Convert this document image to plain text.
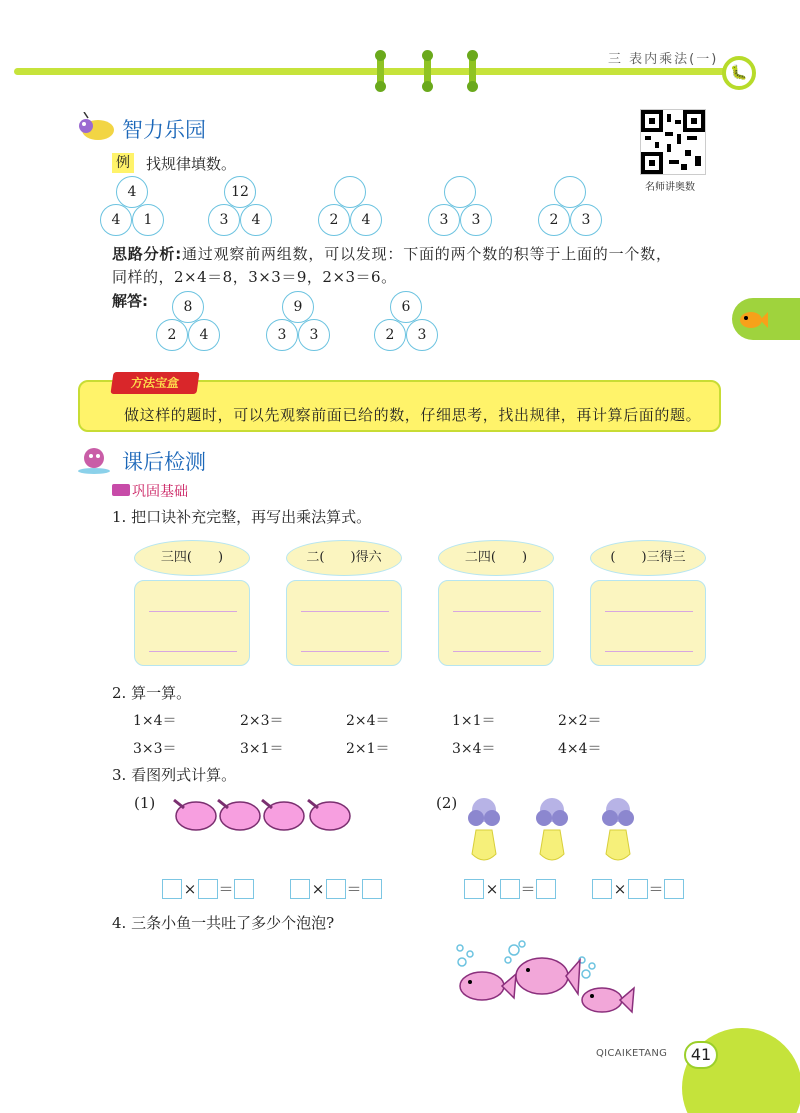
三 表内乘法(一)
🐛
智力乐园
名师讲奥数
例 找规律填数。
4
4	1
12
3	4	2	4	3	3	2	3
思路分析:通过观察前两组数，可以发现：下面的两个数的积等于上面的一个数，
同样的，2×4＝8，3×3＝9，2×3＝6。
解答:	8
2	4
9
3	3
6
2	3
方法宝盒
做这样的题时，可以先观察前面已给的数，仔细思考，找出规律，再计算后面的题。
课后检测
巩固基础
1. 把口诀补充完整，再写出乘法算式。
三四(　　)	二(　　)得六	二四(　　)	(　　)三得三
2. 算一算。
1×4＝	2×3＝	2×4＝	1×1＝	2×2＝
3×3＝	3×1＝	2×1＝	3×4＝	4×4＝
3. 看图列式计算。
(1)	(2)
× ＝	× ＝	× ＝	× ＝
4. 三条小鱼一共吐了多少个泡泡?
QICAIKETANG	41
